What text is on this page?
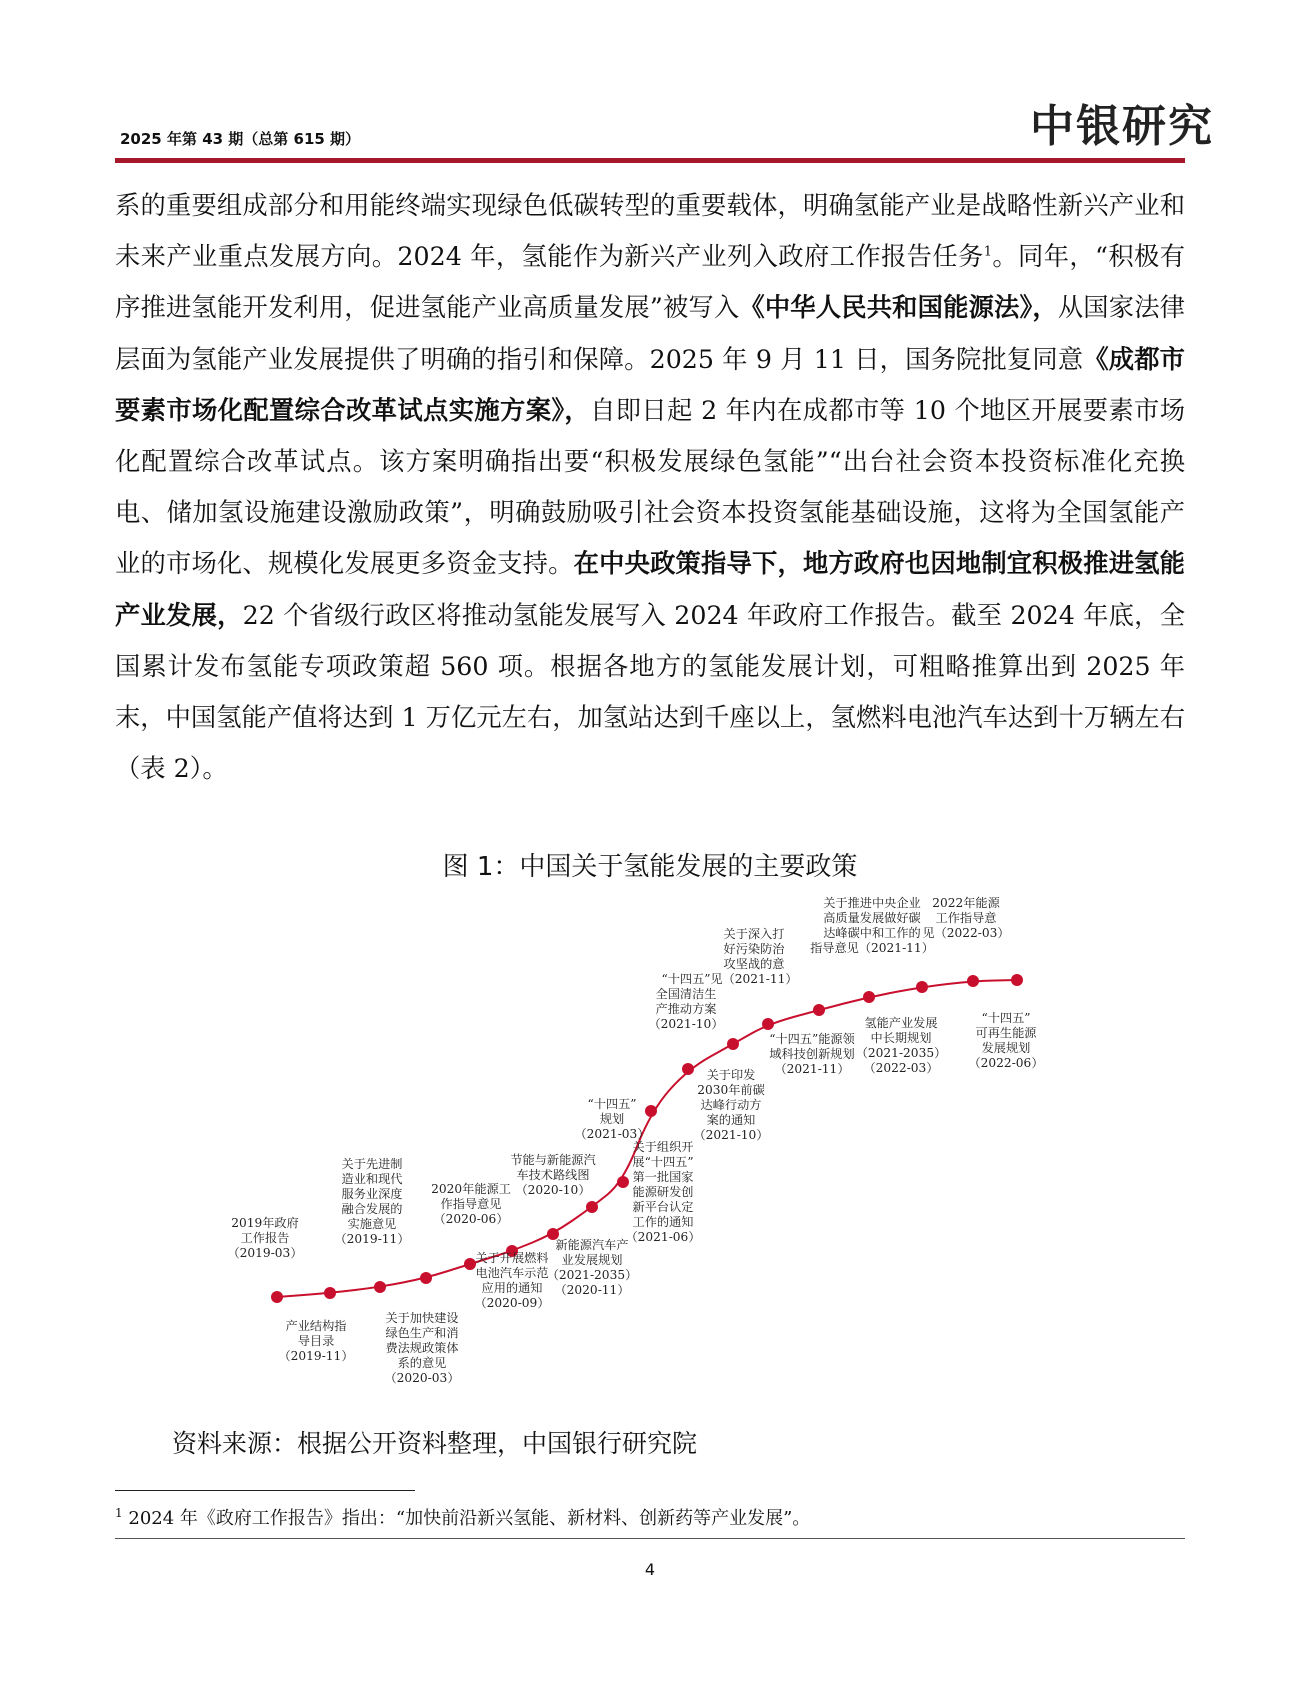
2025 年第 43 期（总第 615 期）	中银研究

系的重要组成部分和用能终端实现绿色低碳转型的重要载体，明确氢能产业是战略性新兴产业和未来产业重点发展方向。2024 年，氢能作为新兴产业列入政府工作报告任务$^1$。同年，“积极有序推进氢能开发利用，促进氢能产业高质量发展”被写入《中华人民共和国能源法》，从国家法律层面为氢能产业发展提供了明确的指引和保障。2025 年 9 月 11 日，国务院批复同意《成都市要素市场化配置综合改革试点实施方案》，自即日起 2 年内在成都市等 10 个地区开展要素市场化配置综合改革试点。该方案明确指出要“积极发展绿色氢能”“出台社会资本投资标准化充换电、储加氢设施建设激励政策”，明确鼓励吸引社会资本投资氢能基础设施，这将为全国氢能产业的市场化、规模化发展更多资金支持。在中央政策指导下，地方政府也因地制宜积极推进氢能产业发展，22 个省级行政区将推动氢能发展写入 2024 年政府工作报告。截至 2024 年底，全国累计发布氢能专项政策超 560 项。根据各地方的氢能发展计划，可粗略推算出到 2025 年末，中国氢能产值将达到 1 万亿元左右，加氢站达到千座以上，氢燃料电池汽车达到十万辆左右（表 2）。

图 1：中国关于氢能发展的主要政策

2019年政府工作报告（2019-03）
产业结构指导目录（2019-11）
关于先进制造业和现代服务业深度融合发展的实施意见（2019-11）
关于加快建设绿色生产和消费法规政策体系的意见（2020-03）
2020年能源工作指导意见（2020-06）
关于开展燃料电池汽车示范应用的通知（2020-09）
节能与新能源汽车技术路线图（2020-10）
新能源汽车产业发展规划（2021-2035）（2020-11）
“十四五”规划（2021-03）
关于组织开展“十四五”第一批国家能源研发创新平台认定工作的通知（2021-06）
“十四五”全国清洁生产推动方案（2021-10）
关于印发 2030年前碳达峰行动方案的通知（2021-10）
关于深入打好污染防治攻坚战的意见（2021-11）
“十四五”能源领域科技创新规划（2021-11）
关于推进中央企业高质量发展做好碳达峰碳中和工作的指导意见（2021-11）
氢能产业发展中长期规划（2021-2035）（2022-03）
2022年能源工作指导意见（2022-03）
“十四五”可再生能源发展规划（2022-06）

资料来源：根据公开资料整理，中国银行研究院

$^1$ 2024 年《政府工作报告》指出：“加快前沿新兴氢能、新材料、创新药等产业发展”。

4
